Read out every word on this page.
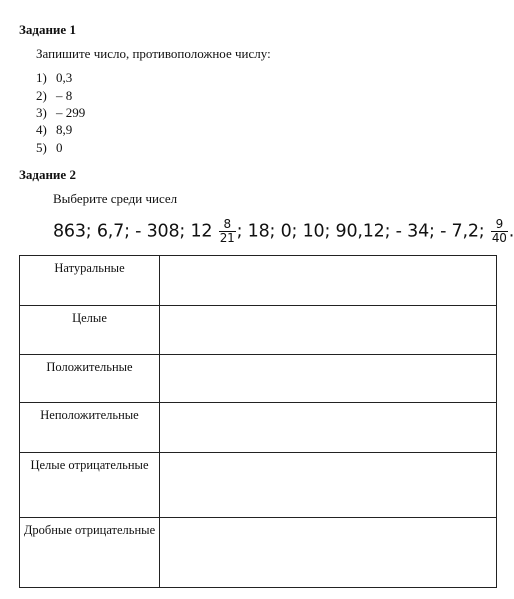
Задание 1
Запишите число, противоположное числу:
1) 0,3
2) – 8
3) – 299
4) 8,9
5) 0
Задание 2
Выберите среди чисел
863; 6,7; - 308; $12 \frac{8}{21}$ ; 18; 0; 10; 90,12; - 34; - 7,2; $\frac{9}{40}$ .
Натуральные	
Целые	
Положительные	
Неположительные	
Целые отрицательные	
Дробные отрицательные	
